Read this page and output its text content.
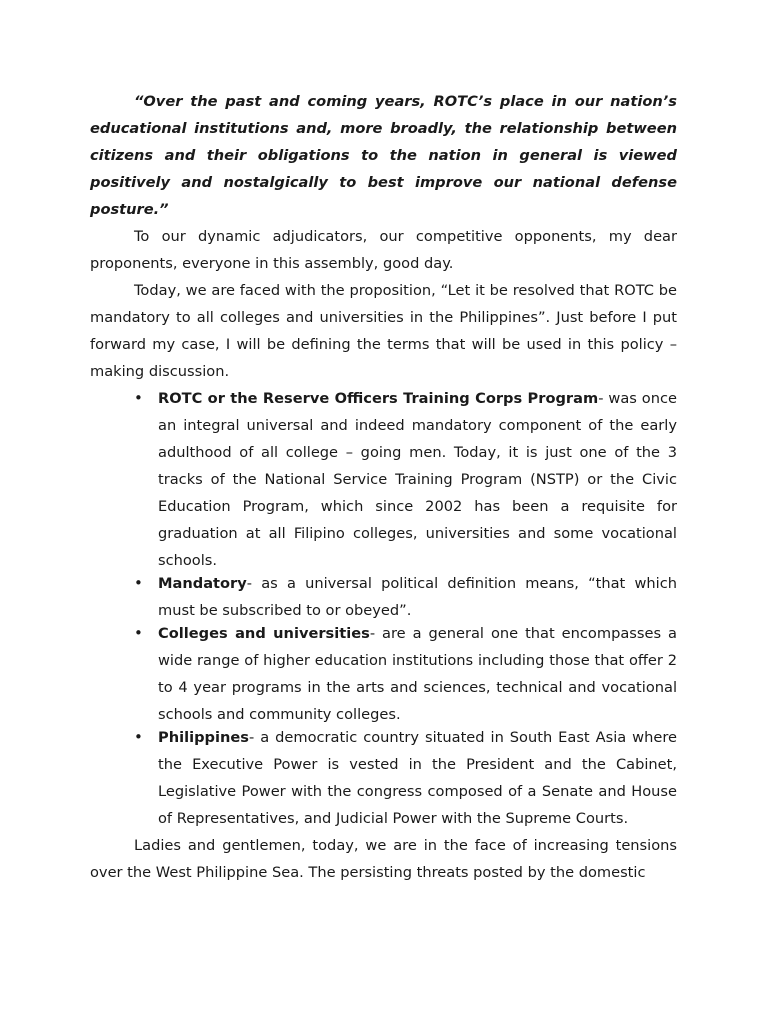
“Over the past and coming years, ROTC’s place in our nation’s educational institutions and, more broadly, the relationship between citizens and their obligations to the nation in general is viewed positively and nostalgically to best improve our national defense posture.”

To our dynamic adjudicators, our competitive opponents, my dear proponents, everyone in this assembly, good day.

Today, we are faced with the proposition, “Let it be resolved that ROTC be mandatory to all colleges and universities in the Philippines”. Just before I put forward my case, I will be defining the terms that will be used in this policy – making discussion.

• ROTC or the Reserve Officers Training Corps Program- was once an integral universal and indeed mandatory component of the early adulthood of all college – going men. Today, it is just one of the 3 tracks of the National Service Training Program (NSTP) or the Civic Education Program, which since 2002 has been a requisite for graduation at all Filipino colleges, universities and some vocational schools.
• Mandatory- as a universal political definition means, “that which must be subscribed to or obeyed”.
• Colleges and universities- are a general one that encompasses a wide range of higher education institutions including those that offer 2 to 4 year programs in the arts and sciences, technical and vocational schools and community colleges.
• Philippines- a democratic country situated in South East Asia where the Executive Power is vested in the President and the Cabinet, Legislative Power with the congress composed of a Senate and House of Representatives, and Judicial Power with the Supreme Courts.

Ladies and gentlemen, today, we are in the face of increasing tensions over the West Philippine Sea. The persisting threats posted by the domestic
